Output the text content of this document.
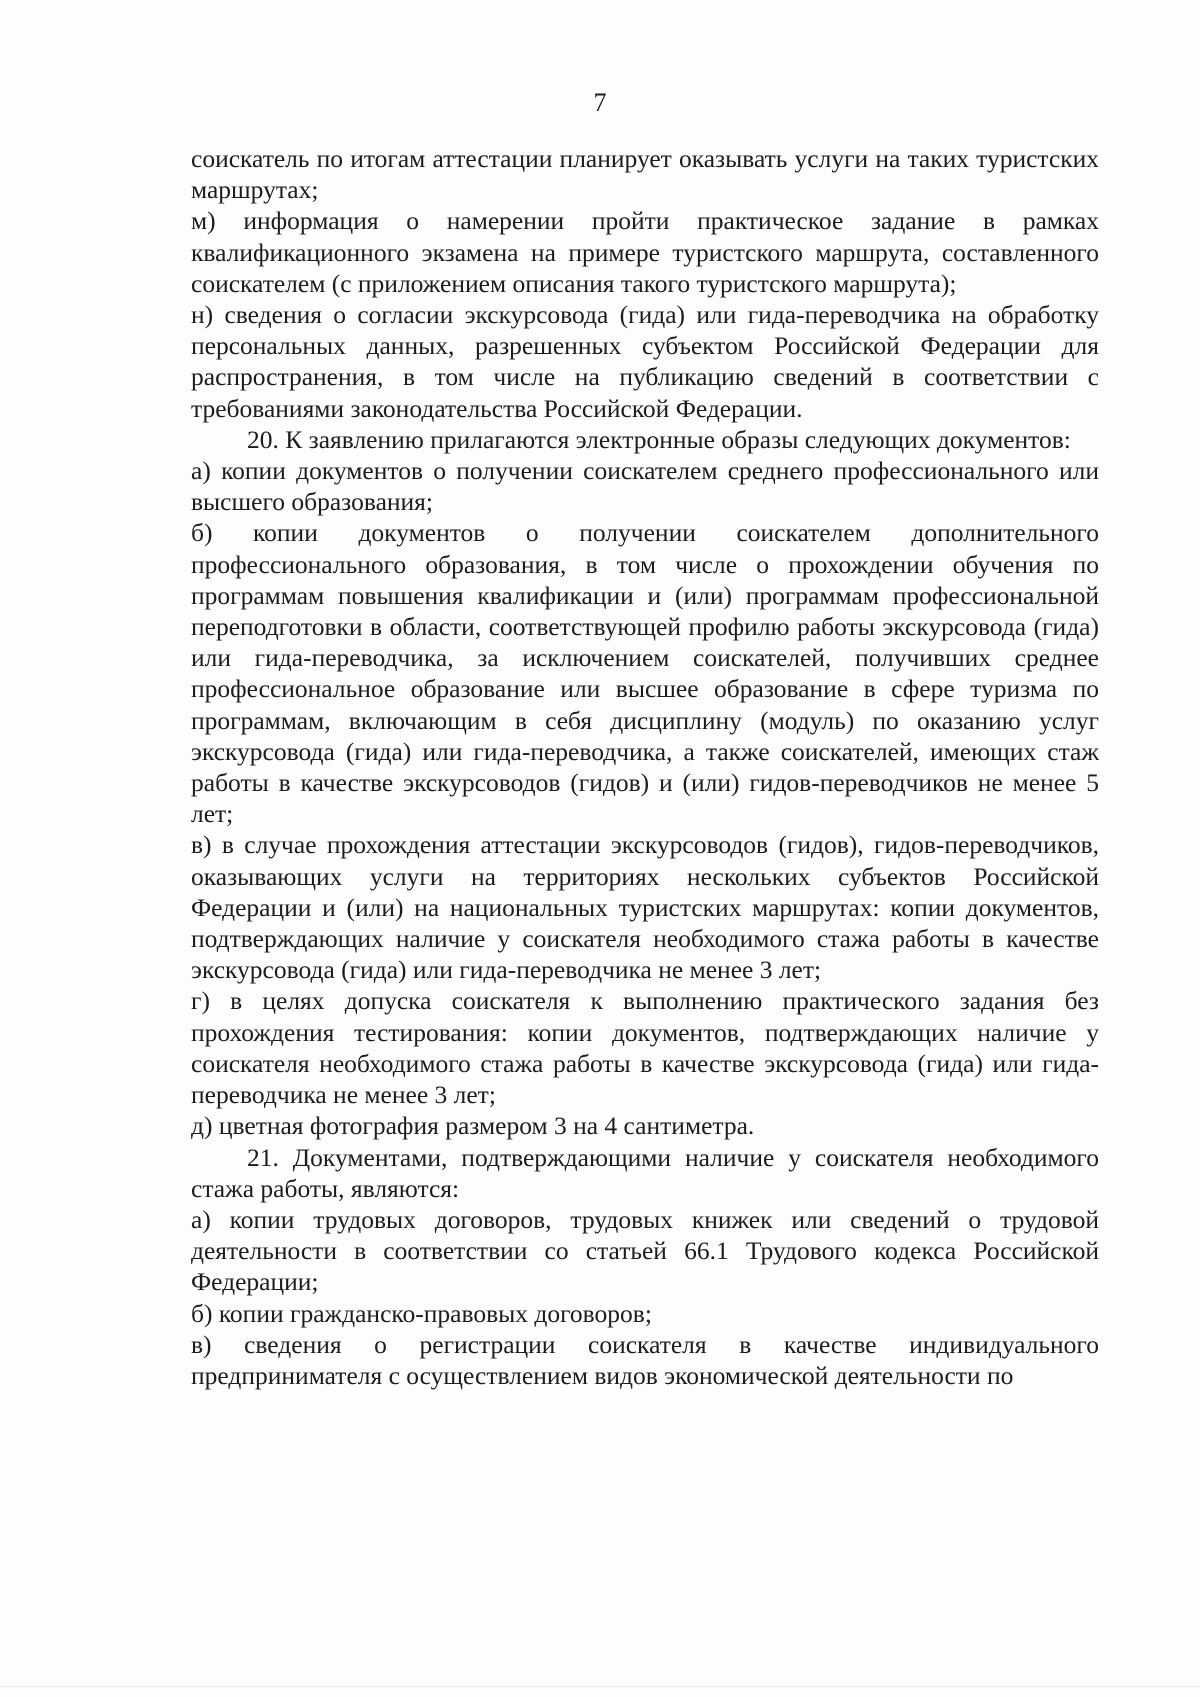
7

соискатель по итогам аттестации планирует оказывать услуги на таких туристских маршрутах;

м) информация о намерении пройти практическое задание в рамках квалификационного экзамена на примере туристского маршрута, составленного соискателем (с приложением описания такого туристского маршрута);

н) сведения о согласии экскурсовода (гида) или гида-переводчика на обработку персональных данных, разрешенных субъектом Российской Федерации для распространения, в том числе на публикацию сведений в соответствии с требованиями законодательства Российской Федерации.

20. К заявлению прилагаются электронные образы следующих документов:

а) копии документов о получении соискателем среднего профессионального или высшего образования;

б) копии документов о получении соискателем дополнительного профессионального образования, в том числе о прохождении обучения по программам повышения квалификации и (или) программам профессиональной переподготовки в области, соответствующей профилю работы экскурсовода (гида) или гида-переводчика, за исключением соискателей, получивших среднее профессиональное образование или высшее образование в сфере туризма по программам, включающим в себя дисциплину (модуль) по оказанию услуг экскурсовода (гида) или гида-переводчика, а также соискателей, имеющих стаж работы в качестве экскурсоводов (гидов) и (или) гидов-переводчиков не менее 5 лет;

в) в случае прохождения аттестации экскурсоводов (гидов), гидов-переводчиков, оказывающих услуги на территориях нескольких субъектов Российской Федерации и (или) на национальных туристских маршрутах: копии документов, подтверждающих наличие у соискателя необходимого стажа работы в качестве экскурсовода (гида) или гида-переводчика не менее 3 лет;

г) в целях допуска соискателя к выполнению практического задания без прохождения тестирования: копии документов, подтверждающих наличие у соискателя необходимого стажа работы в качестве экскурсовода (гида) или гида-переводчика не менее 3 лет;

д) цветная фотография размером 3 на 4 сантиметра.

21. Документами, подтверждающими наличие у соискателя необходимого стажа работы, являются:

а) копии трудовых договоров, трудовых книжек или сведений о трудовой деятельности в соответствии со статьей 66.1 Трудового кодекса Российской Федерации;

б) копии гражданско-правовых договоров;

в) сведения о регистрации соискателя в качестве индивидуального предпринимателя с осуществлением видов экономической деятельности по
